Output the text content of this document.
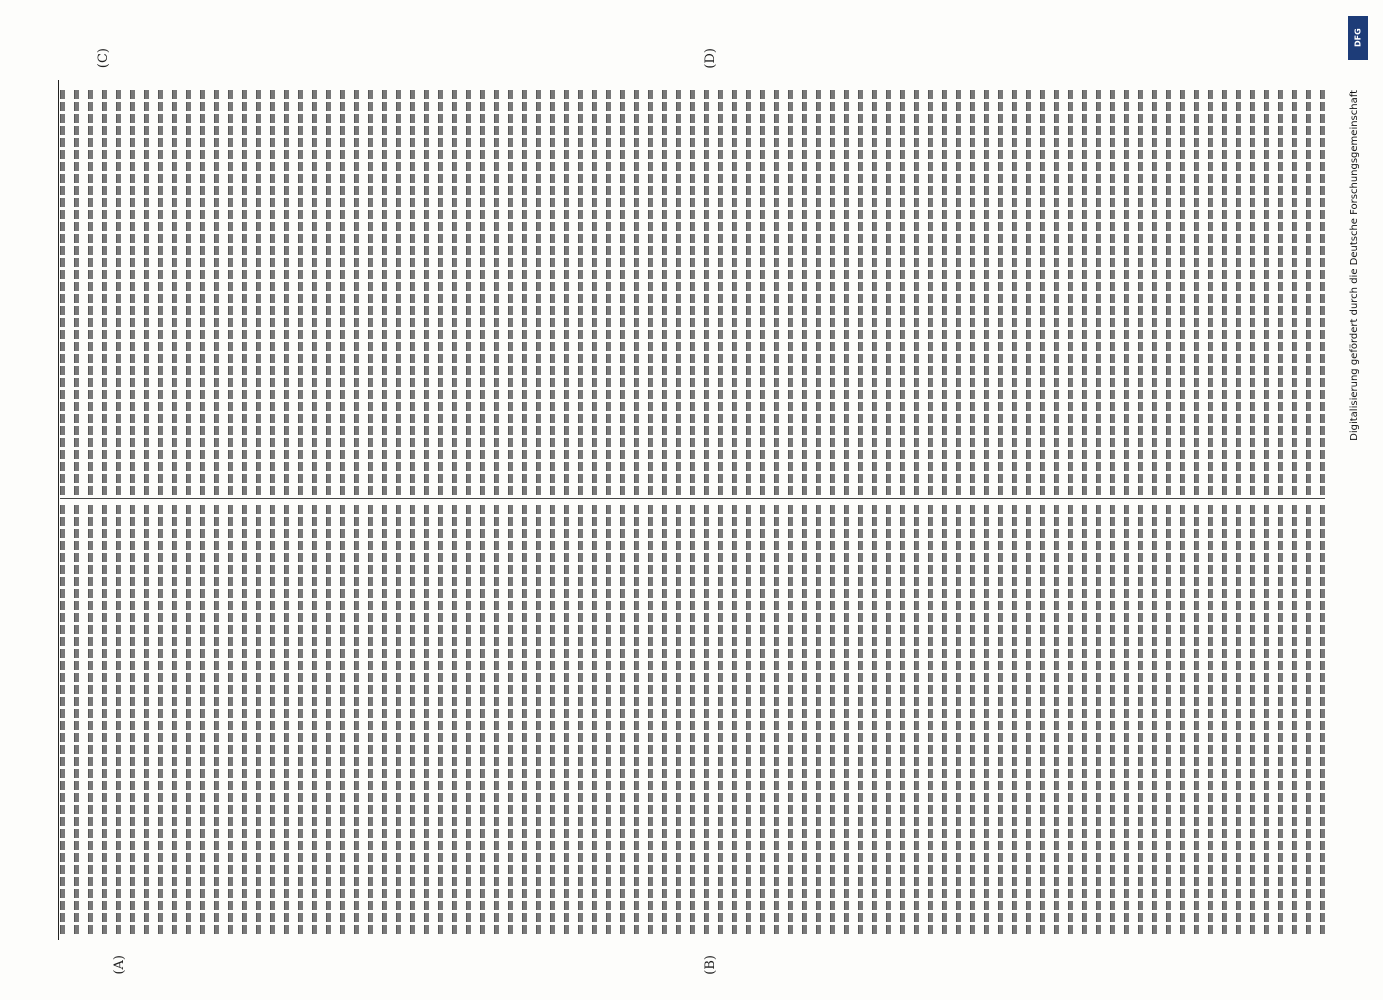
(A)	(B)
(C)	(D)
DFG
Digitalisierung gefördert durch die Deutsche Forschungsgemeinschaft
